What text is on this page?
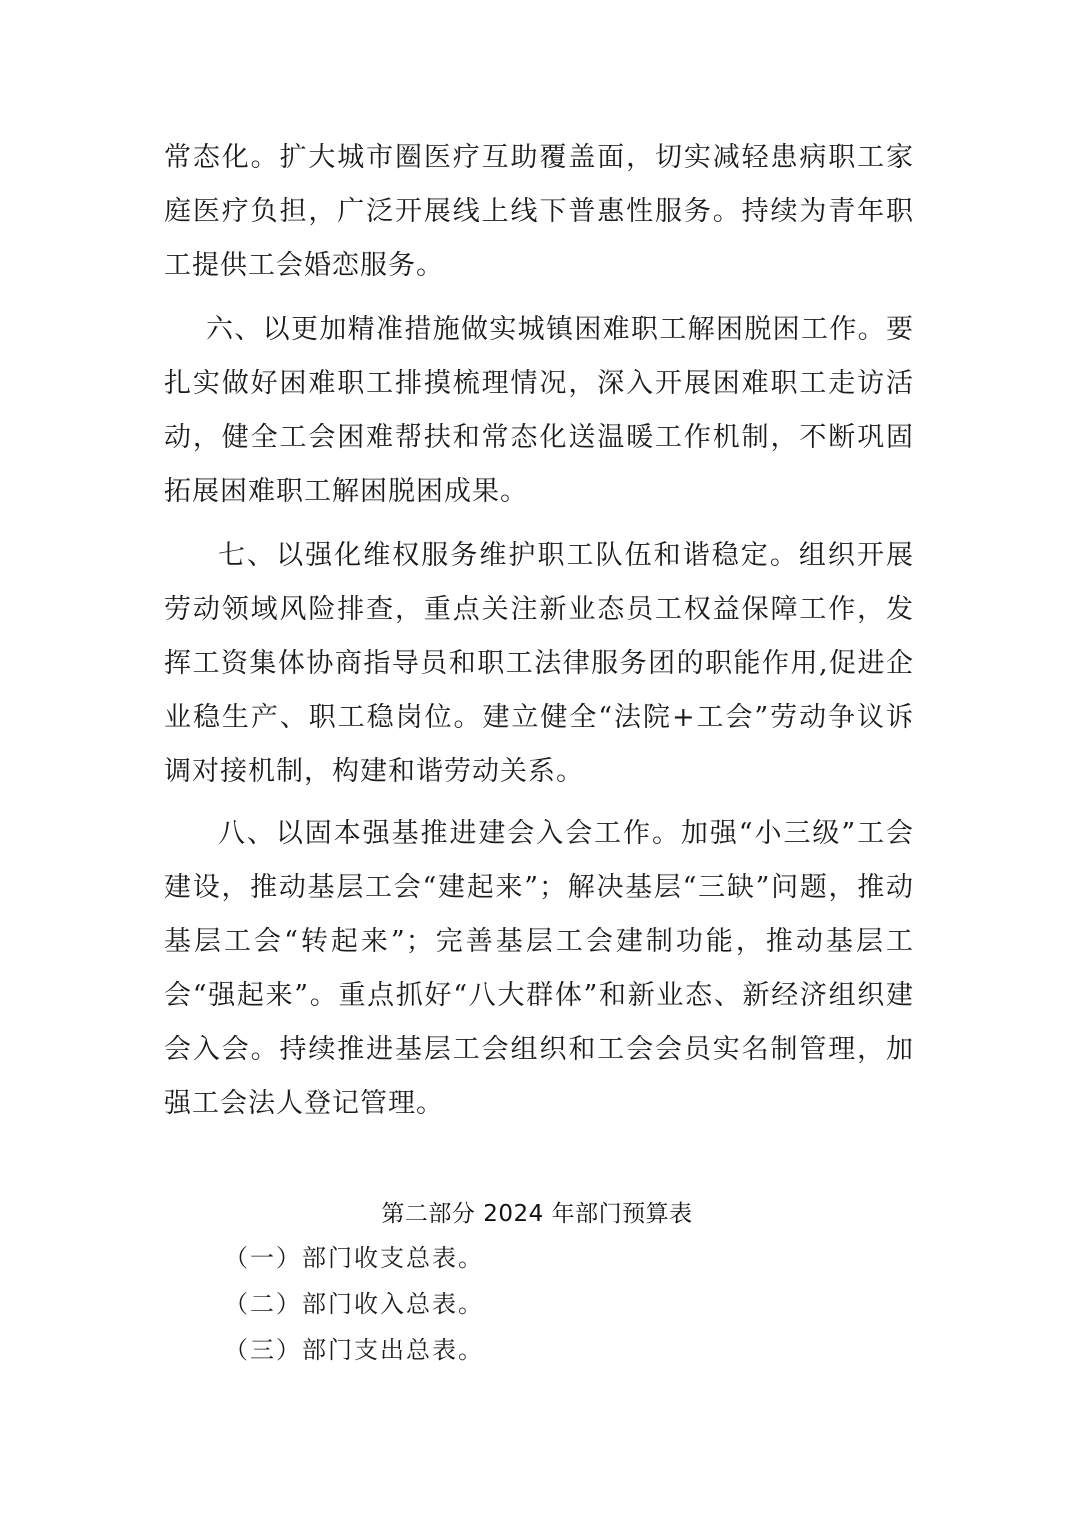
常态化。扩大城市圈医疗互助覆盖面，切实减轻患病职工家庭医疗负担，广泛开展线上线下普惠性服务。持续为青年职工提供工会婚恋服务。

六、以更加精准措施做实城镇困难职工解困脱困工作。要扎实做好困难职工排摸梳理情况，深入开展困难职工走访活动，健全工会困难帮扶和常态化送温暖工作机制，不断巩固拓展困难职工解困脱困成果。

七、以强化维权服务维护职工队伍和谐稳定。组织开展劳动领域风险排查，重点关注新业态员工权益保障工作，发挥工资集体协商指导员和职工法律服务团的职能作用,促进企业稳生产、职工稳岗位。建立健全“法院+工会”劳动争议诉调对接机制，构建和谐劳动关系。

八、以固本强基推进建会入会工作。加强“小三级”工会建设，推动基层工会“建起来”；解决基层“三缺”问题，推动基层工会“转起来”；完善基层工会建制功能，推动基层工会“强起来”。重点抓好“八大群体”和新业态、新经济组织建会入会。持续推进基层工会组织和工会会员实名制管理，加强工会法人登记管理。

第二部分 2024 年部门预算表
（一）部门收支总表。
（二）部门收入总表。
（三）部门支出总表。
